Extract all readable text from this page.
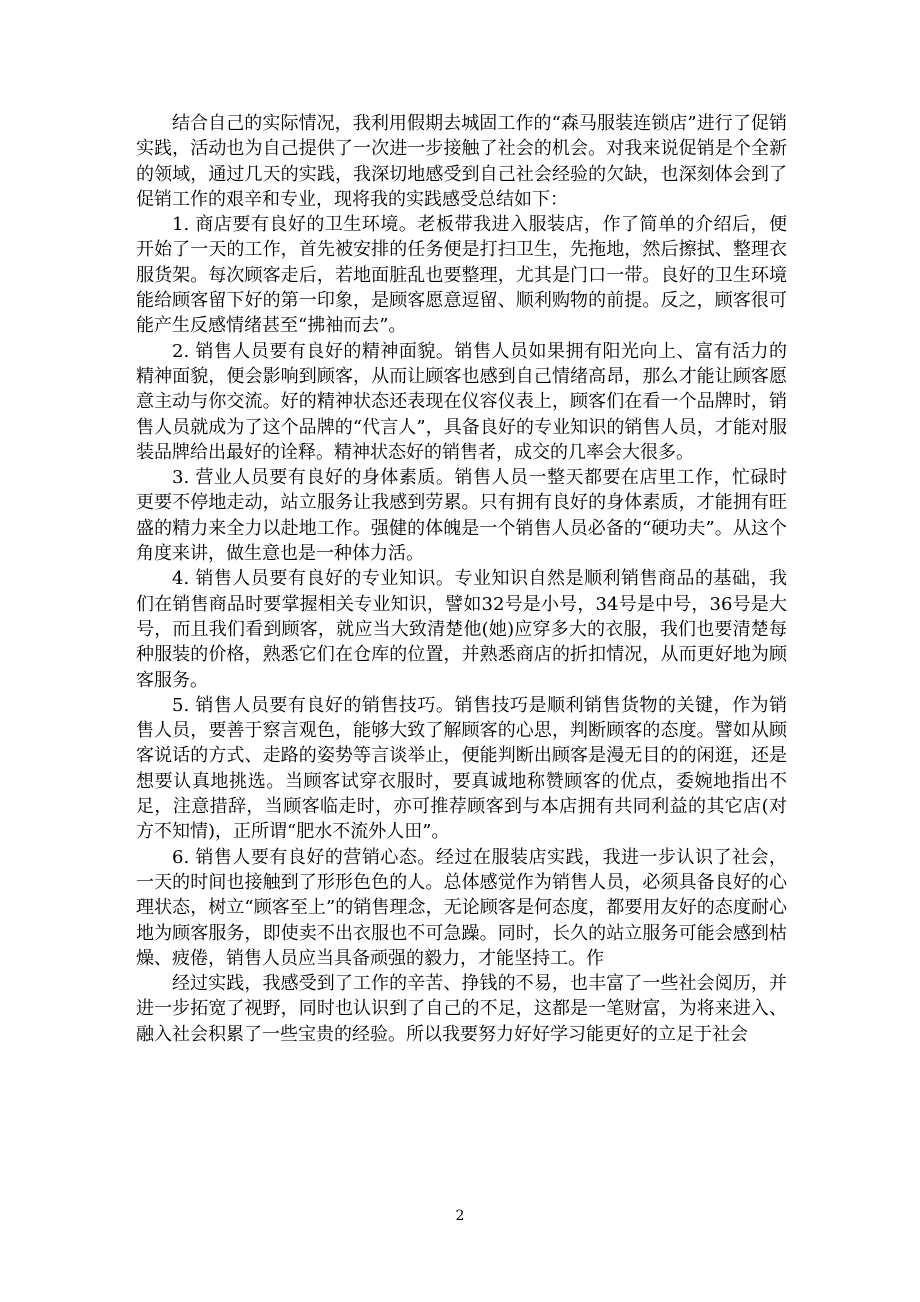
结合自己的实际情况，我利用假期去城固工作的“森马服装连锁店”进行了促销实践，活动也为自己提供了一次进一步接触了社会的机会。对我来说促销是个全新的领域，通过几天的实践，我深切地感受到自己社会经验的欠缺，也深刻体会到了促销工作的艰辛和专业，现将我的实践感受总结如下：

1. 商店要有良好的卫生环境。老板带我进入服装店，作了简单的介绍后，便开始了一天的工作，首先被安排的任务便是打扫卫生，先拖地，然后擦拭、整理衣服货架。每次顾客走后，若地面脏乱也要整理，尤其是门口一带。良好的卫生环境能给顾客留下好的第一印象，是顾客愿意逗留、顺利购物的前提。反之，顾客很可能产生反感情绪甚至“拂袖而去”。

2. 销售人员要有良好的精神面貌。销售人员如果拥有阳光向上、富有活力的精神面貌，便会影响到顾客，从而让顾客也感到自己情绪高昂，那么才能让顾客愿意主动与你交流。好的精神状态还表现在仪容仪表上，顾客们在看一个品牌时，销售人员就成为了这个品牌的“代言人”，具备良好的专业知识的销售人员，才能对服装品牌给出最好的诠释。精神状态好的销售者，成交的几率会大很多。

3. 营业人员要有良好的身体素质。销售人员一整天都要在店里工作，忙碌时更要不停地走动，站立服务让我感到劳累。只有拥有良好的身体素质，才能拥有旺盛的精力来全力以赴地工作。强健的体魄是一个销售人员必备的“硬功夫”。从这个角度来讲，做生意也是一种体力活。

4. 销售人员要有良好的专业知识。专业知识自然是顺利销售商品的基础，我们在销售商品时要掌握相关专业知识，譬如32号是小号，34号是中号，36号是大号，而且我们看到顾客，就应当大致清楚他(她)应穿多大的衣服，我们也要清楚每种服装的价格，熟悉它们在仓库的位置，并熟悉商店的折扣情况，从而更好地为顾客服务。

5. 销售人员要有良好的销售技巧。销售技巧是顺利销售货物的关键，作为销售人员，要善于察言观色，能够大致了解顾客的心思，判断顾客的态度。譬如从顾客说话的方式、走路的姿势等言谈举止，便能判断出顾客是漫无目的的闲逛，还是想要认真地挑选。当顾客试穿衣服时，要真诚地称赞顾客的优点，委婉地指出不足，注意措辞，当顾客临走时，亦可推荐顾客到与本店拥有共同利益的其它店(对方不知情)，正所谓“肥水不流外人田”。

6. 销售人要有良好的营销心态。经过在服装店实践，我进一步认识了社会，一天的时间也接触到了形形色色的人。总体感觉作为销售人员，必须具备良好的心理状态，树立“顾客至上”的销售理念，无论顾客是何态度，都要用友好的态度耐心地为顾客服务，即使卖不出衣服也不可急躁。同时，长久的站立服务可能会感到枯燥、疲倦，销售人员应当具备顽强的毅力，才能坚持工。作

经过实践，我感受到了工作的辛苦、挣钱的不易，也丰富了一些社会阅历，并进一步拓宽了视野，同时也认识到了自己的不足，这都是一笔财富，为将来进入、融入社会积累了一些宝贵的经验。所以我要努力好好学习能更好的立足于社会

2
